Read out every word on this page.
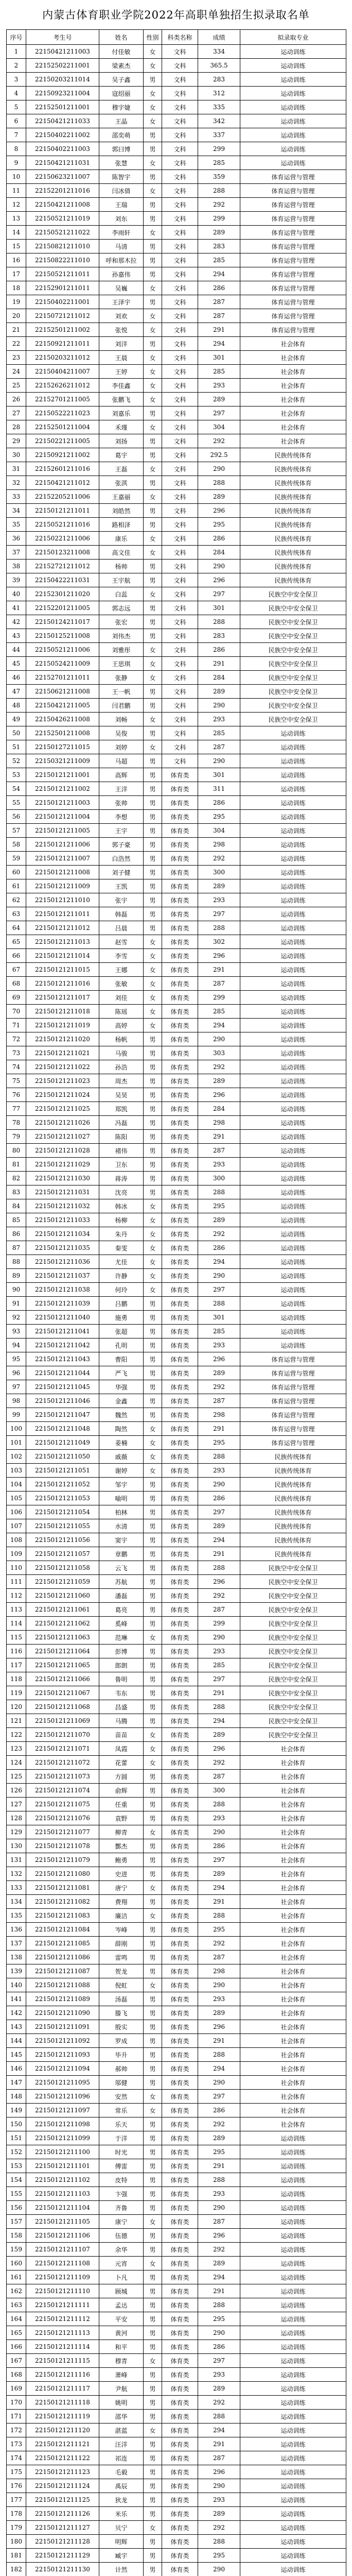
内蒙古体育职业学院2022年高职单独招生拟录取名单
序号	考生号	姓名	性别	科类名称	成绩	拟录取专业
1	22150421211003	付佳敏	女	文科	334	运动训练
2	22152502211001	梁素杰	女	文科	365.5	运动训练
3	22150203211014	吴子鑫	男	文科	283	运动训练
4	22150923211004	寇绍丽	女	文科	312	运动训练
5	22152501211001	穆宇婕	女	文科	335	运动训练
6	22150421211033	王晶	女	文科	342	运动训练
7	22150402211002	邵奕萌	男	文科	337	运动训练
8	22150402211003	郭曰博	男	文科	299	运动训练
9	22150421211031	张慧	女	文科	285	运动训练
10	22150623211007	陈智宇	男	文科	359	体育运营与管理
11	22152201211016	闫冰倩	女	文科	288	体育运营与管理
12	22150421211008	王瑞	男	文科	292	体育运营与管理
13	22150521211019	刘东	男	文科	299	体育运营与管理
14	22150521211022	李雨轩	女	文科	289	体育运营与管理
15	22150821211010	马清	男	文科	283	体育运营与管理
16	22150822211010	呼和那木拉	男	文科	285	体育运营与管理
17	22150521211011	孙嘉伟	男	文科	294	体育运营与管理
18	22152901211011	吴巍	女	文科	286	体育运营与管理
19	22150402211001	王泽宇	男	文科	287	体育运营与管理
20	22150721211012	刘欢	女	文科	287	体育运营与管理
21	22152501211002	张悦	女	文科	291	体育运营与管理
22	22150921211011	刘洋	男	文科	294	社会体育
23	22150203211012	王晨	女	文科	301	社会体育
24	22150404211007	王婷	女	文科	285	社会体育
25	22152626211012	李佳鑫	女	文科	293	社会体育
26	22152701211005	张鹏飞	女	文科	289	社会体育
27	22150522211023	刘嘉乐	男	文科	297	社会体育
28	22152501211004	禾瑾	女	文科	304	社会体育
29	22150221211005	刘扬	男	文科	292	社会体育
30	22150921211002	葛宇	男	文科	292.5	民族传统体育
31	22152601211016	王磊	女	文科	290	民族传统体育
32	22150421211012	张淇	男	文科	288	民族传统体育
33	22152205211006	王嘉丽	女	文科	289	民族传统体育
34	22150121211011	刘皓然	男	文科	296	民族传统体育
35	22150521211016	路相泽	男	文科	295	民族传统体育
36	22150221211006	康乐	女	文科	286	民族传统体育
37	22150123211008	高文佳	女	文科	284	民族传统体育
38	22152721211012	杨帅	男	文科	290	民族传统体育
39	22150422211031	王宇航	男	文科	296	民族传统体育
40	22152301211020	白蕊	女	文科	297	民族空中安全保卫
41	22152201211005	郭志远	男	文科	301	民族空中安全保卫
42	22150124211017	张宏	男	文科	288	民族空中安全保卫
43	22150125211008	刘伟杰	男	文科	283	民族空中安全保卫
44	22150521211006	刘雅彤	女	文科	286	民族空中安全保卫
45	22150524211009	王思琪	女	文科	291	民族空中安全保卫
46	22152701211011	张静	女	文科	284	民族空中安全保卫
47	22150621211008	王一帆	男	文科	289	民族空中安全保卫
48	22150421211005	闫君鹏	男	文科	290	民族空中安全保卫
49	22150426211008	刘畅	女	文科	293	民族空中安全保卫
50	22152501211008	吴俊	男	文科	285	运动训练
51	22150127211015	刘婷	女	文科	287	运动训练
52	22150321211009	马超	男	文科	290	运动训练
53	22150121211001	高辉	男	体育类	301	运动训练
54	22150121211002	王洋	男	体育类	311	运动训练
55	22150121211003	张帅	男	体育类	286	运动训练
56	22150121211004	李想	男	体育类	295	运动训练
57	22150121211005	王宇	男	体育类	304	运动训练
58	22150121211006	郭子豪	男	体育类	298	运动训练
59	22150121211007	白浩然	男	体育类	292	运动训练
60	22150121211008	刘子健	男	体育类	300	运动训练
61	22150121211009	王凯	男	体育类	289	运动训练
62	22150121211010	张宇	男	体育类	293	运动训练
63	22150121211011	韩磊	男	体育类	297	运动训练
64	22150121211012	吕晨	男	体育类	288	运动训练
65	22150121211013	赵雪	女	体育类	302	运动训练
66	22150121211014	李雪	女	体育类	296	运动训练
67	22150121211015	王娜	女	体育类	291	运动训练
68	22150121211016	张敏	女	体育类	287	运动训练
69	22150121211017	刘佳	女	体育类	299	运动训练
70	22150121211018	陈瑶	女	体育类	285	运动训练
71	22150121211019	高婷	女	体育类	294	运动训练
72	22150121211020	杨帆	男	体育类	290	运动训练
73	22150121211021	马骏	男	体育类	303	运动训练
74	22150121211022	孙浩	男	体育类	292	运动训练
75	22150121211023	周杰	男	体育类	289	运动训练
76	22150121211024	吴昊	男	体育类	296	运动训练
77	22150121211025	郑凯	男	体育类	284	运动训练
78	22150121211026	冯磊	男	体育类	298	运动训练
79	22150121211027	陈阳	男	体育类	291	运动训练
80	22150121211028	褚伟	男	体育类	287	运动训练
81	22150121211029	卫东	男	体育类	293	运动训练
82	22150121211030	蒋涛	男	体育类	300	运动训练
83	22150121211031	沈亮	男	体育类	288	运动训练
84	22150121211032	韩冰	女	体育类	295	运动训练
85	22150121211033	杨柳	女	体育类	289	运动训练
86	22150121211034	朱丹	女	体育类	292	运动训练
87	22150121211035	秦雯	女	体育类	286	运动训练
88	22150121211036	尤佳	女	体育类	294	运动训练
89	22150121211037	许静	女	体育类	290	运动训练
90	22150121211038	何玲	女	体育类	297	运动训练
91	22150121211039	吕鹏	男	体育类	288	运动训练
92	22150121211040	施勇	男	体育类	301	运动训练
93	22150121211041	张超	男	体育类	285	运动训练
94	22150121211042	孔明	男	体育类	293	运动训练
95	22150121211043	曹阳	男	体育类	296	体育运营与管理
96	22150121211044	严飞	男	体育类	289	体育运营与管理
97	22150121211045	华强	男	体育类	292	体育运营与管理
98	22150121211046	金鑫	男	体育类	287	体育运营与管理
99	22150121211047	魏然	男	体育类	298	体育运营与管理
100	22150121211048	陶然	女	体育类	291	体育运营与管理
101	22150121211049	姜楠	女	体育类	295	体育运营与管理
102	22150121211050	戚薇	女	体育类	288	民族传统体育
103	22150121211051	谢婷	女	体育类	293	民族传统体育
104	22150121211052	邹宇	男	体育类	290	民族传统体育
105	22150121211053	喻明	男	体育类	286	民族传统体育
106	22150121211054	柏林	男	体育类	297	民族传统体育
107	22150121211055	水清	男	体育类	289	民族传统体育
108	22150121211056	窦宇	男	体育类	294	民族传统体育
109	22150121211057	章鹏	男	体育类	291	民族传统体育
110	22150121211058	云飞	男	体育类	288	民族空中安全保卫
111	22150121211059	苏航	男	体育类	296	民族空中安全保卫
112	22150121211060	潘磊	男	体育类	292	民族空中安全保卫
113	22150121211061	葛亮	男	体育类	287	民族空中安全保卫
114	22150121211062	奚峰	男	体育类	299	民族空中安全保卫
115	22150121211063	范琳	女	体育类	290	民族空中安全保卫
116	22150121211064	彭博	男	体育类	293	民族空中安全保卫
117	22150121211065	郎朗	男	体育类	285	民族空中安全保卫
118	22150121211066	鲁明	男	体育类	297	民族空中安全保卫
119	22150121211067	韦东	男	体育类	291	民族空中安全保卫
120	22150121211068	昌盛	男	体育类	288	民族空中安全保卫
121	22150121211069	马腾	男	体育类	294	民族空中安全保卫
122	22150121211070	苗苗	女	体育类	289	民族空中安全保卫
123	22150121211071	凤霞	女	体育类	296	社会体育
124	22150121211072	花蕾	女	体育类	292	社会体育
125	22150121211073	方圆	男	体育类	287	社会体育
126	22150121211074	俞辉	男	体育类	300	社会体育
127	22150121211075	任重	男	体育类	288	社会体育
128	22150121211076	袁野	男	体育类	293	社会体育
129	22150121211077	柳青	女	体育类	290	社会体育
130	22150121211078	酆杰	男	体育类	286	社会体育
131	22150121211079	鲍勇	男	体育类	297	社会体育
132	22150121211080	史进	男	体育类	289	社会体育
133	22150121211081	唐宁	女	体育类	294	社会体育
134	22150121211082	费翔	男	体育类	291	社会体育
135	22150121211083	廉洁	女	体育类	288	社会体育
136	22150121211084	岑峰	男	体育类	295	社会体育
137	22150121211085	薛刚	男	体育类	292	社会体育
138	22150121211086	雷鸣	男	体育类	287	社会体育
139	22150121211087	贺龙	男	体育类	298	社会体育
140	22150121211088	倪虹	女	体育类	290	社会体育
141	22150121211089	汤磊	男	体育类	293	社会体育
142	22150121211090	滕飞	男	体育类	289	社会体育
143	22150121211091	殷实	男	体育类	296	社会体育
144	22150121211092	罗成	男	体育类	291	社会体育
145	22150121211093	毕升	男	体育类	288	社会体育
146	22150121211094	郝帅	男	体育类	294	社会体育
147	22150121211095	邬健	男	体育类	290	社会体育
148	22150121211096	安然	女	体育类	297	社会体育
149	22150121211097	常乐	女	体育类	286	社会体育
150	22150121211098	乐天	男	体育类	292	社会体育
151	22150121211099	于洋	男	体育类	289	运动训练
152	22150121211100	时光	男	体育类	295	运动训练
153	22150121211101	傅雷	男	体育类	291	运动训练
154	22150121211102	皮特	男	体育类	288	运动训练
155	22150121211103	卞强	男	体育类	293	运动训练
156	22150121211104	齐鲁	男	体育类	290	运动训练
157	22150121211105	康宁	女	体育类	287	运动训练
158	22150121211106	伍德	男	体育类	296	运动训练
159	22150121211107	余华	男	体育类	292	运动训练
160	22150121211108	元宵	女	体育类	289	运动训练
161	22150121211109	卜凡	男	体育类	294	运动训练
162	22150121211110	顾城	男	体育类	291	运动训练
163	22150121211111	孟达	男	体育类	288	运动训练
164	22150121211112	平安	男	体育类	295	运动训练
165	22150121211113	黄河	男	体育类	290	运动训练
166	22150121211114	和平	男	体育类	286	运动训练
167	22150121211115	穆青	女	体育类	297	运动训练
168	22150121211116	萧峰	男	体育类	293	运动训练
169	22150121211117	尹航	男	体育类	289	运动训练
170	22150121211118	姚明	男	体育类	292	运动训练
171	22150121211119	邵华	男	体育类	288	运动训练
172	22150121211120	湛蓝	女	体育类	294	运动训练
173	22150121211121	汪洋	男	体育类	291	运动训练
174	22150121211122	祁连	男	体育类	287	运动训练
175	22150121211123	毛毅	男	体育类	296	运动训练
176	22150121211124	禹辰	男	体育类	290	运动训练
177	22150121211125	狄龙	男	体育类	293	运动训练
178	22150121211126	米乐	男	体育类	289	运动训练
179	22150121211127	贝宁	女	体育类	292	运动训练
180	22150121211128	明辉	男	体育类	288	运动训练
181	22150121211129	臧宇	男	体育类	295	运动训练
182	22150121211130	计然	男	体育类	290	运动训练
